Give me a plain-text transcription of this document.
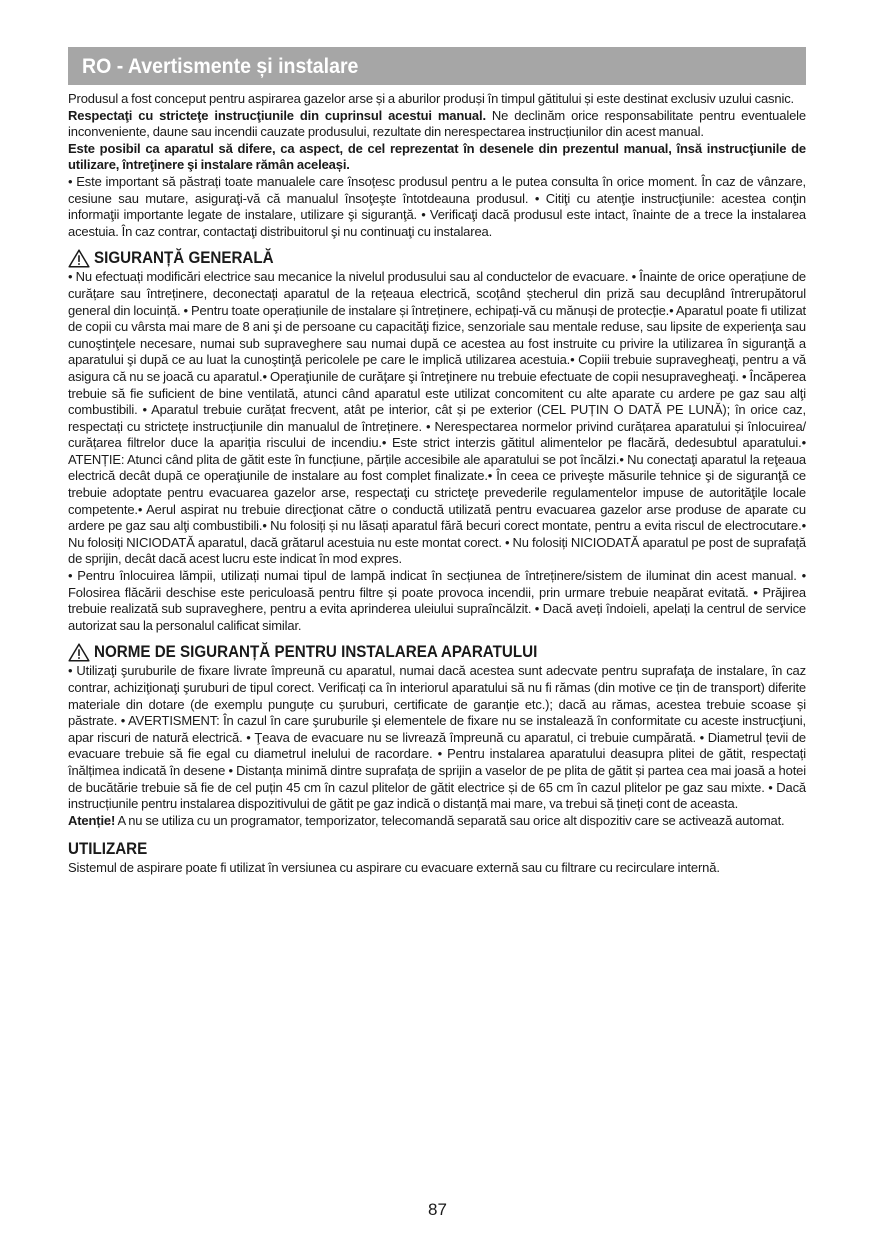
RO - Avertismente și instalare

Produsul a fost conceput pentru aspirarea gazelor arse și a aburilor produși în timpul gătitului și este destinat exclusiv uzului casnic.

Respectaţi cu stricteţe instrucţiunile din cuprinsul acestui manual. Ne declinăm orice responsabilitate pentru eventualele inconveniente, daune sau incendii cauzate produsului, rezultate din nerespectarea instrucțiunilor din acest manual.

Este posibil ca aparatul să difere, ca aspect, de cel reprezentat în desenele din prezentul manual, însă instrucţiunile de utilizare, întreţinere şi instalare rămân aceleași.

• Este important să păstrați toate manualele care însoțesc produsul pentru a le putea consulta în orice moment. În caz de vânzare, cesiune sau mutare, asiguraţi-vă că manualul însoţeşte întotdeauna produsul. • Citiţi cu atenţie instrucţiunile: acestea conţin informaţii importante legate de instalare, utilizare şi siguranţă. • Verificaţi dacă produsul este intact, înainte de a trece la instalarea acestuia. În caz contrar, contactaţi distribuitorul şi nu continuaţi cu instalarea.

SIGURANȚĂ GENERALĂ

• Nu efectuați modificări electrice sau mecanice la nivelul produsului sau al conductelor de evacuare. • Înainte de orice operațiune de curățare sau întreținere, deconectați aparatul de la rețeaua electrică, scoțând ștecherul din priză sau decuplând întrerupătorul general din locuință. • Pentru toate operațiunile de instalare și întreținere, echipați-vă cu mănuși de protecție.• Aparatul poate fi utilizat de copii cu vârsta mai mare de 8 ani şi de persoane cu capacităţi fizice, senzoriale sau mentale reduse, sau lipsite de experienţa sau cunoştinţele necesare, numai sub supraveghere sau numai după ce acestea au fost instruite cu privire la utilizarea în siguranţă a aparatului şi după ce au luat la cunoştinţă pericolele pe care le implică utilizarea acestuia.• Copiii trebuie supravegheaţi, pentru a vă asigura că nu se joacă cu aparatul.• Operaţiunile de curăţare şi întreţinere nu trebuie efectuate de copii nesupravegheaţi. • Încăperea trebuie să fie suficient de bine ventilată, atunci când aparatul este utilizat concomitent cu alte aparate cu ardere pe gaz sau alţi combustibili. • Aparatul trebuie curățat frecvent, atât pe interior, cât și pe exterior (CEL PUȚIN O DATĂ PE LUNĂ); în orice caz, respectați cu strictețe instrucțiunile din manualul de întreținere. • Nerespectarea normelor privind curățarea aparatului și înlocuirea/ curățarea filtrelor duce la apariția riscului de incendiu.• Este strict interzis gătitul alimentelor pe flacără, dedesubtul aparatului.• ATENȚIE: Atunci când plita de gătit este în funcțiune, părțile accesibile ale aparatului se pot încălzi.• Nu conectaţi aparatul la reţeaua electrică decât după ce operaţiunile de instalare au fost complet finalizate.• În ceea ce priveşte măsurile tehnice şi de siguranţă ce trebuie adoptate pentru evacuarea gazelor arse, respectaţi cu stricteţe prevederile regulamentelor impuse de autorităţile locale competente.• Aerul aspirat nu trebuie direcţionat către o conductă utilizată pentru evacuarea gazelor arse produse de aparate cu ardere pe gaz sau alţi combustibili.• Nu folosiți și nu lăsați aparatul fără becuri corect montate, pentru a evita riscul de electrocutare.• Nu folosiți NICIODATĂ aparatul, dacă grătarul acestuia nu este montat corect. • Nu folosiți NICIODATĂ aparatul pe post de suprafață de sprijin, decât dacă acest lucru este indicat în mod expres.

• Pentru înlocuirea lămpii, utilizați numai tipul de lampă indicat în secțiunea de întreținere/sistem de iluminat din acest manual. • Folosirea flăcării deschise este periculoasă pentru filtre și poate provoca incendii, prin urmare trebuie neapărat evitată. • Prăjirea trebuie realizată sub supraveghere, pentru a evita aprinderea uleiului supraîncălzit. • Dacă aveți îndoieli, apelați la centrul de service autorizat sau la personalul calificat similar.

NORME DE SIGURANȚĂ PENTRU INSTALAREA APARATULUI

• Utilizaţi şuruburile de fixare livrate împreună cu aparatul, numai dacă acestea sunt adecvate pentru suprafaţa de instalare, în caz contrar, achiziţionaţi şuruburi de tipul corect. Verificați ca în interiorul aparatului să nu fi rămas (din motive ce țin de transport) diferite materiale din dotare (de exemplu punguțe cu șuruburi, certificate de garanție etc.); dacă au rămas, acestea trebuie scoase și păstrate. • AVERTISMENT: În cazul în care şuruburile şi elementele de fixare nu se instalează în conformitate cu aceste instrucţiuni, apar riscuri de natură electrică. • Ţeava de evacuare nu se livrează împreună cu aparatul, ci trebuie cumpărată. • Diametrul țevii de evacuare trebuie să fie egal cu diametrul inelului de racordare. • Pentru instalarea aparatului deasupra plitei de gătit, respectați înălțimea indicată în desene • Distanța minimă dintre suprafața de sprijin a vaselor de pe plita de gătit și partea cea mai joasă a hotei de bucătărie trebuie să fie de cel puțin 45 cm în cazul plitelor de gătit electrice și de 65 cm în cazul plitelor pe gaz sau mixte. • Dacă instrucțiunile pentru instalarea dispozitivului de gătit pe gaz indică o distanță mai mare, va trebui să țineți cont de aceasta.

Atenție! A nu se utiliza cu un programator, temporizator, telecomandă separată sau orice alt dispozitiv care se activează automat.

UTILIZARE

Sistemul de aspirare poate fi utilizat în versiunea cu aspirare cu evacuare externă sau cu filtrare cu recirculare internă.

87
